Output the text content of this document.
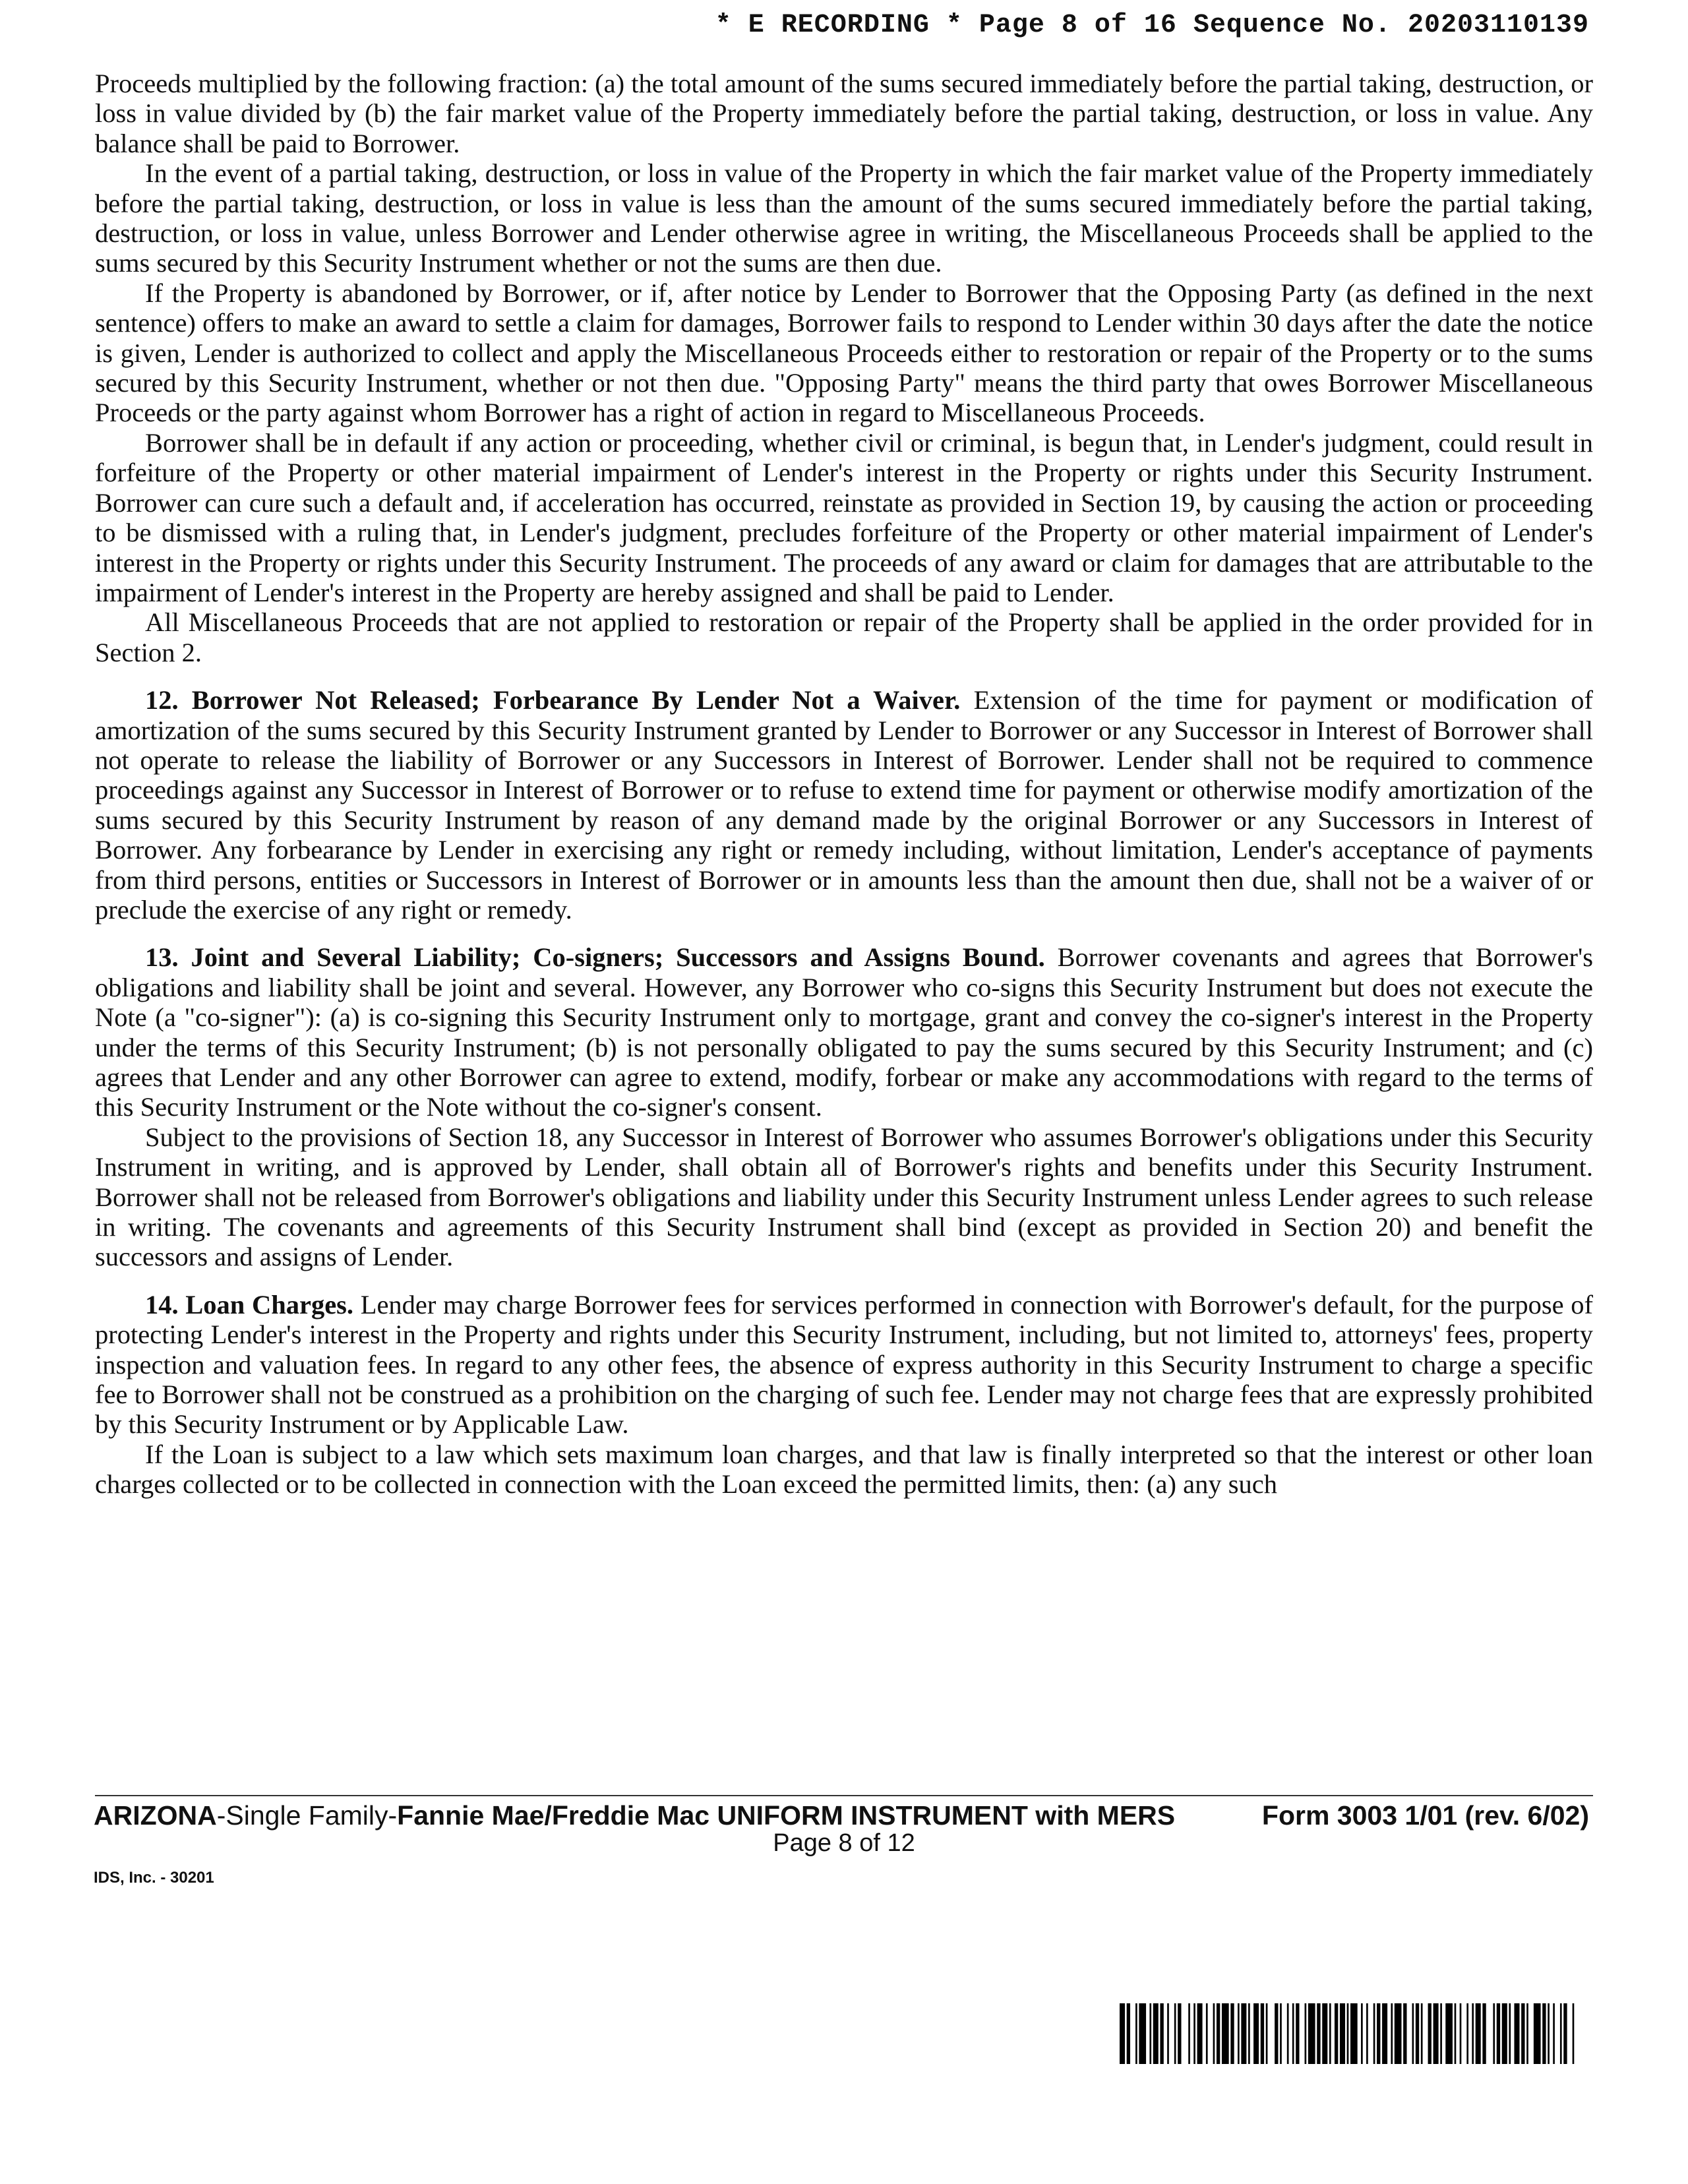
* E RECORDING * Page 8 of 16 Sequence No. 20203110139

Proceeds multiplied by the following fraction: (a) the total amount of the sums secured immediately before the partial taking, destruction, or loss in value divided by (b) the fair market value of the Property immediately before the partial taking, destruction, or loss in value. Any balance shall be paid to Borrower.

In the event of a partial taking, destruction, or loss in value of the Property in which the fair market value of the Property immediately before the partial taking, destruction, or loss in value is less than the amount of the sums secured immediately before the partial taking, destruction, or loss in value, unless Borrower and Lender otherwise agree in writing, the Miscellaneous Proceeds shall be applied to the sums secured by this Security Instrument whether or not the sums are then due.

If the Property is abandoned by Borrower, or if, after notice by Lender to Borrower that the Opposing Party (as defined in the next sentence) offers to make an award to settle a claim for damages, Borrower fails to respond to Lender within 30 days after the date the notice is given, Lender is authorized to collect and apply the Miscellaneous Proceeds either to restoration or repair of the Property or to the sums secured by this Security Instrument, whether or not then due. "Opposing Party" means the third party that owes Borrower Miscellaneous Proceeds or the party against whom Borrower has a right of action in regard to Miscellaneous Proceeds.

Borrower shall be in default if any action or proceeding, whether civil or criminal, is begun that, in Lender's judgment, could result in forfeiture of the Property or other material impairment of Lender's interest in the Property or rights under this Security Instrument. Borrower can cure such a default and, if acceleration has occurred, reinstate as provided in Section 19, by causing the action or proceeding to be dismissed with a ruling that, in Lender's judgment, precludes forfeiture of the Property or other material impairment of Lender's interest in the Property or rights under this Security Instrument. The proceeds of any award or claim for damages that are attributable to the impairment of Lender's interest in the Property are hereby assigned and shall be paid to Lender.

All Miscellaneous Proceeds that are not applied to restoration or repair of the Property shall be applied in the order provided for in Section 2.

12. Borrower Not Released; Forbearance By Lender Not a Waiver. Extension of the time for payment or modification of amortization of the sums secured by this Security Instrument granted by Lender to Borrower or any Successor in Interest of Borrower shall not operate to release the liability of Borrower or any Successors in Interest of Borrower. Lender shall not be required to commence proceedings against any Successor in Interest of Borrower or to refuse to extend time for payment or otherwise modify amortization of the sums secured by this Security Instrument by reason of any demand made by the original Borrower or any Successors in Interest of Borrower. Any forbearance by Lender in exercising any right or remedy including, without limitation, Lender's acceptance of payments from third persons, entities or Successors in Interest of Borrower or in amounts less than the amount then due, shall not be a waiver of or preclude the exercise of any right or remedy.

13. Joint and Several Liability; Co-signers; Successors and Assigns Bound. Borrower covenants and agrees that Borrower's obligations and liability shall be joint and several. However, any Borrower who co-signs this Security Instrument but does not execute the Note (a "co-signer"): (a) is co-signing this Security Instrument only to mortgage, grant and convey the co-signer's interest in the Property under the terms of this Security Instrument; (b) is not personally obligated to pay the sums secured by this Security Instrument; and (c) agrees that Lender and any other Borrower can agree to extend, modify, forbear or make any accommodations with regard to the terms of this Security Instrument or the Note without the co-signer's consent.

Subject to the provisions of Section 18, any Successor in Interest of Borrower who assumes Borrower's obligations under this Security Instrument in writing, and is approved by Lender, shall obtain all of Borrower's rights and benefits under this Security Instrument. Borrower shall not be released from Borrower's obligations and liability under this Security Instrument unless Lender agrees to such release in writing. The covenants and agreements of this Security Instrument shall bind (except as provided in Section 20) and benefit the successors and assigns of Lender.

14. Loan Charges. Lender may charge Borrower fees for services performed in connection with Borrower's default, for the purpose of protecting Lender's interest in the Property and rights under this Security Instrument, including, but not limited to, attorneys' fees, property inspection and valuation fees. In regard to any other fees, the absence of express authority in this Security Instrument to charge a specific fee to Borrower shall not be construed as a prohibition on the charging of such fee. Lender may not charge fees that are expressly prohibited by this Security Instrument or by Applicable Law.

If the Loan is subject to a law which sets maximum loan charges, and that law is finally interpreted so that the interest or other loan charges collected or to be collected in connection with the Loan exceed the permitted limits, then: (a) any such

ARIZONA-Single Family-Fannie Mae/Freddie Mac UNIFORM INSTRUMENT with MERS	Form 3003 1/01 (rev. 6/02)
Page 8 of 12
IDS, Inc. - 30201
